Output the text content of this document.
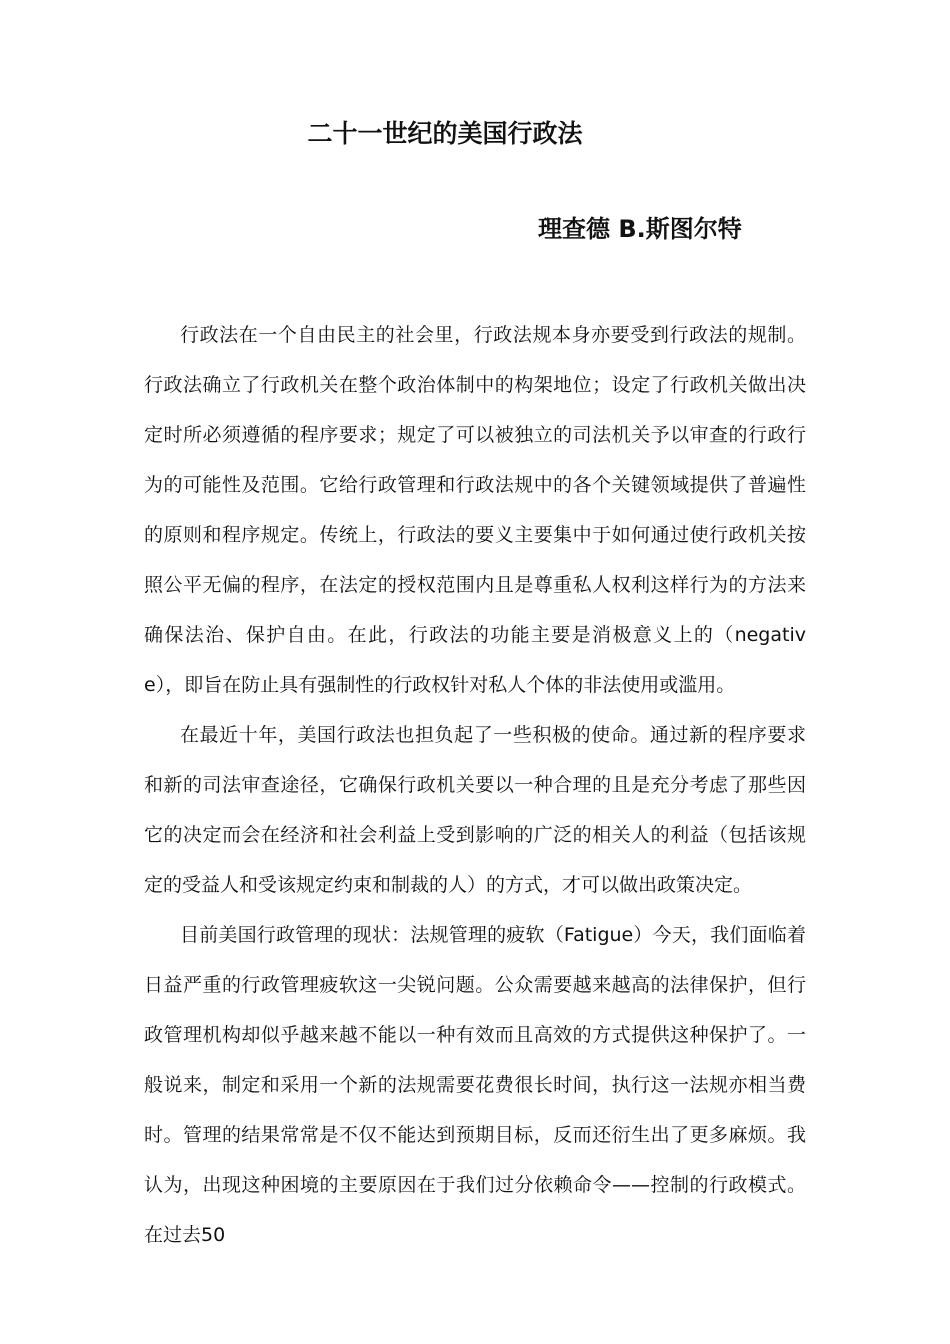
二十一世纪的美国行政法
理查德 B.斯图尔特

行政法在一个自由民主的社会里，行政法规本身亦要受到行政法的规制。行政法确立了行政机关在整个政治体制中的构架地位；设定了行政机关做出决定时所必须遵循的程序要求；规定了可以被独立的司法机关予以审查的行政行为的可能性及范围。它给行政管理和行政法规中的各个关键领域提供了普遍性的原则和程序规定。传统上，行政法的要义主要集中于如何通过使行政机关按照公平无偏的程序，在法定的授权范围内且是尊重私人权利这样行为的方法来确保法治、保护自由。在此，行政法的功能主要是消极意义上的（negative），即旨在防止具有强制性的行政权针对私人个体的非法使用或滥用。

在最近十年，美国行政法也担负起了一些积极的使命。通过新的程序要求和新的司法审查途径，它确保行政机关要以一种合理的且是充分考虑了那些因它的决定而会在经济和社会利益上受到影响的广泛的相关人的利益（包括该规定的受益人和受该规定约束和制裁的人）的方式，才可以做出政策决定。

目前美国行政管理的现状：法规管理的疲软（Fatigue）今天，我们面临着日益严重的行政管理疲软这一尖锐问题。公众需要越来越高的法律保护，但行政管理机构却似乎越来越不能以一种有效而且高效的方式提供这种保护了。一般说来，制定和采用一个新的法规需要花费很长时间，执行这一法规亦相当费时。管理的结果常常是不仅不能达到预期目标，反而还衍生出了更多麻烦。我认为，出现这种困境的主要原因在于我们过分依赖命令——控制的行政模式。在过去50
